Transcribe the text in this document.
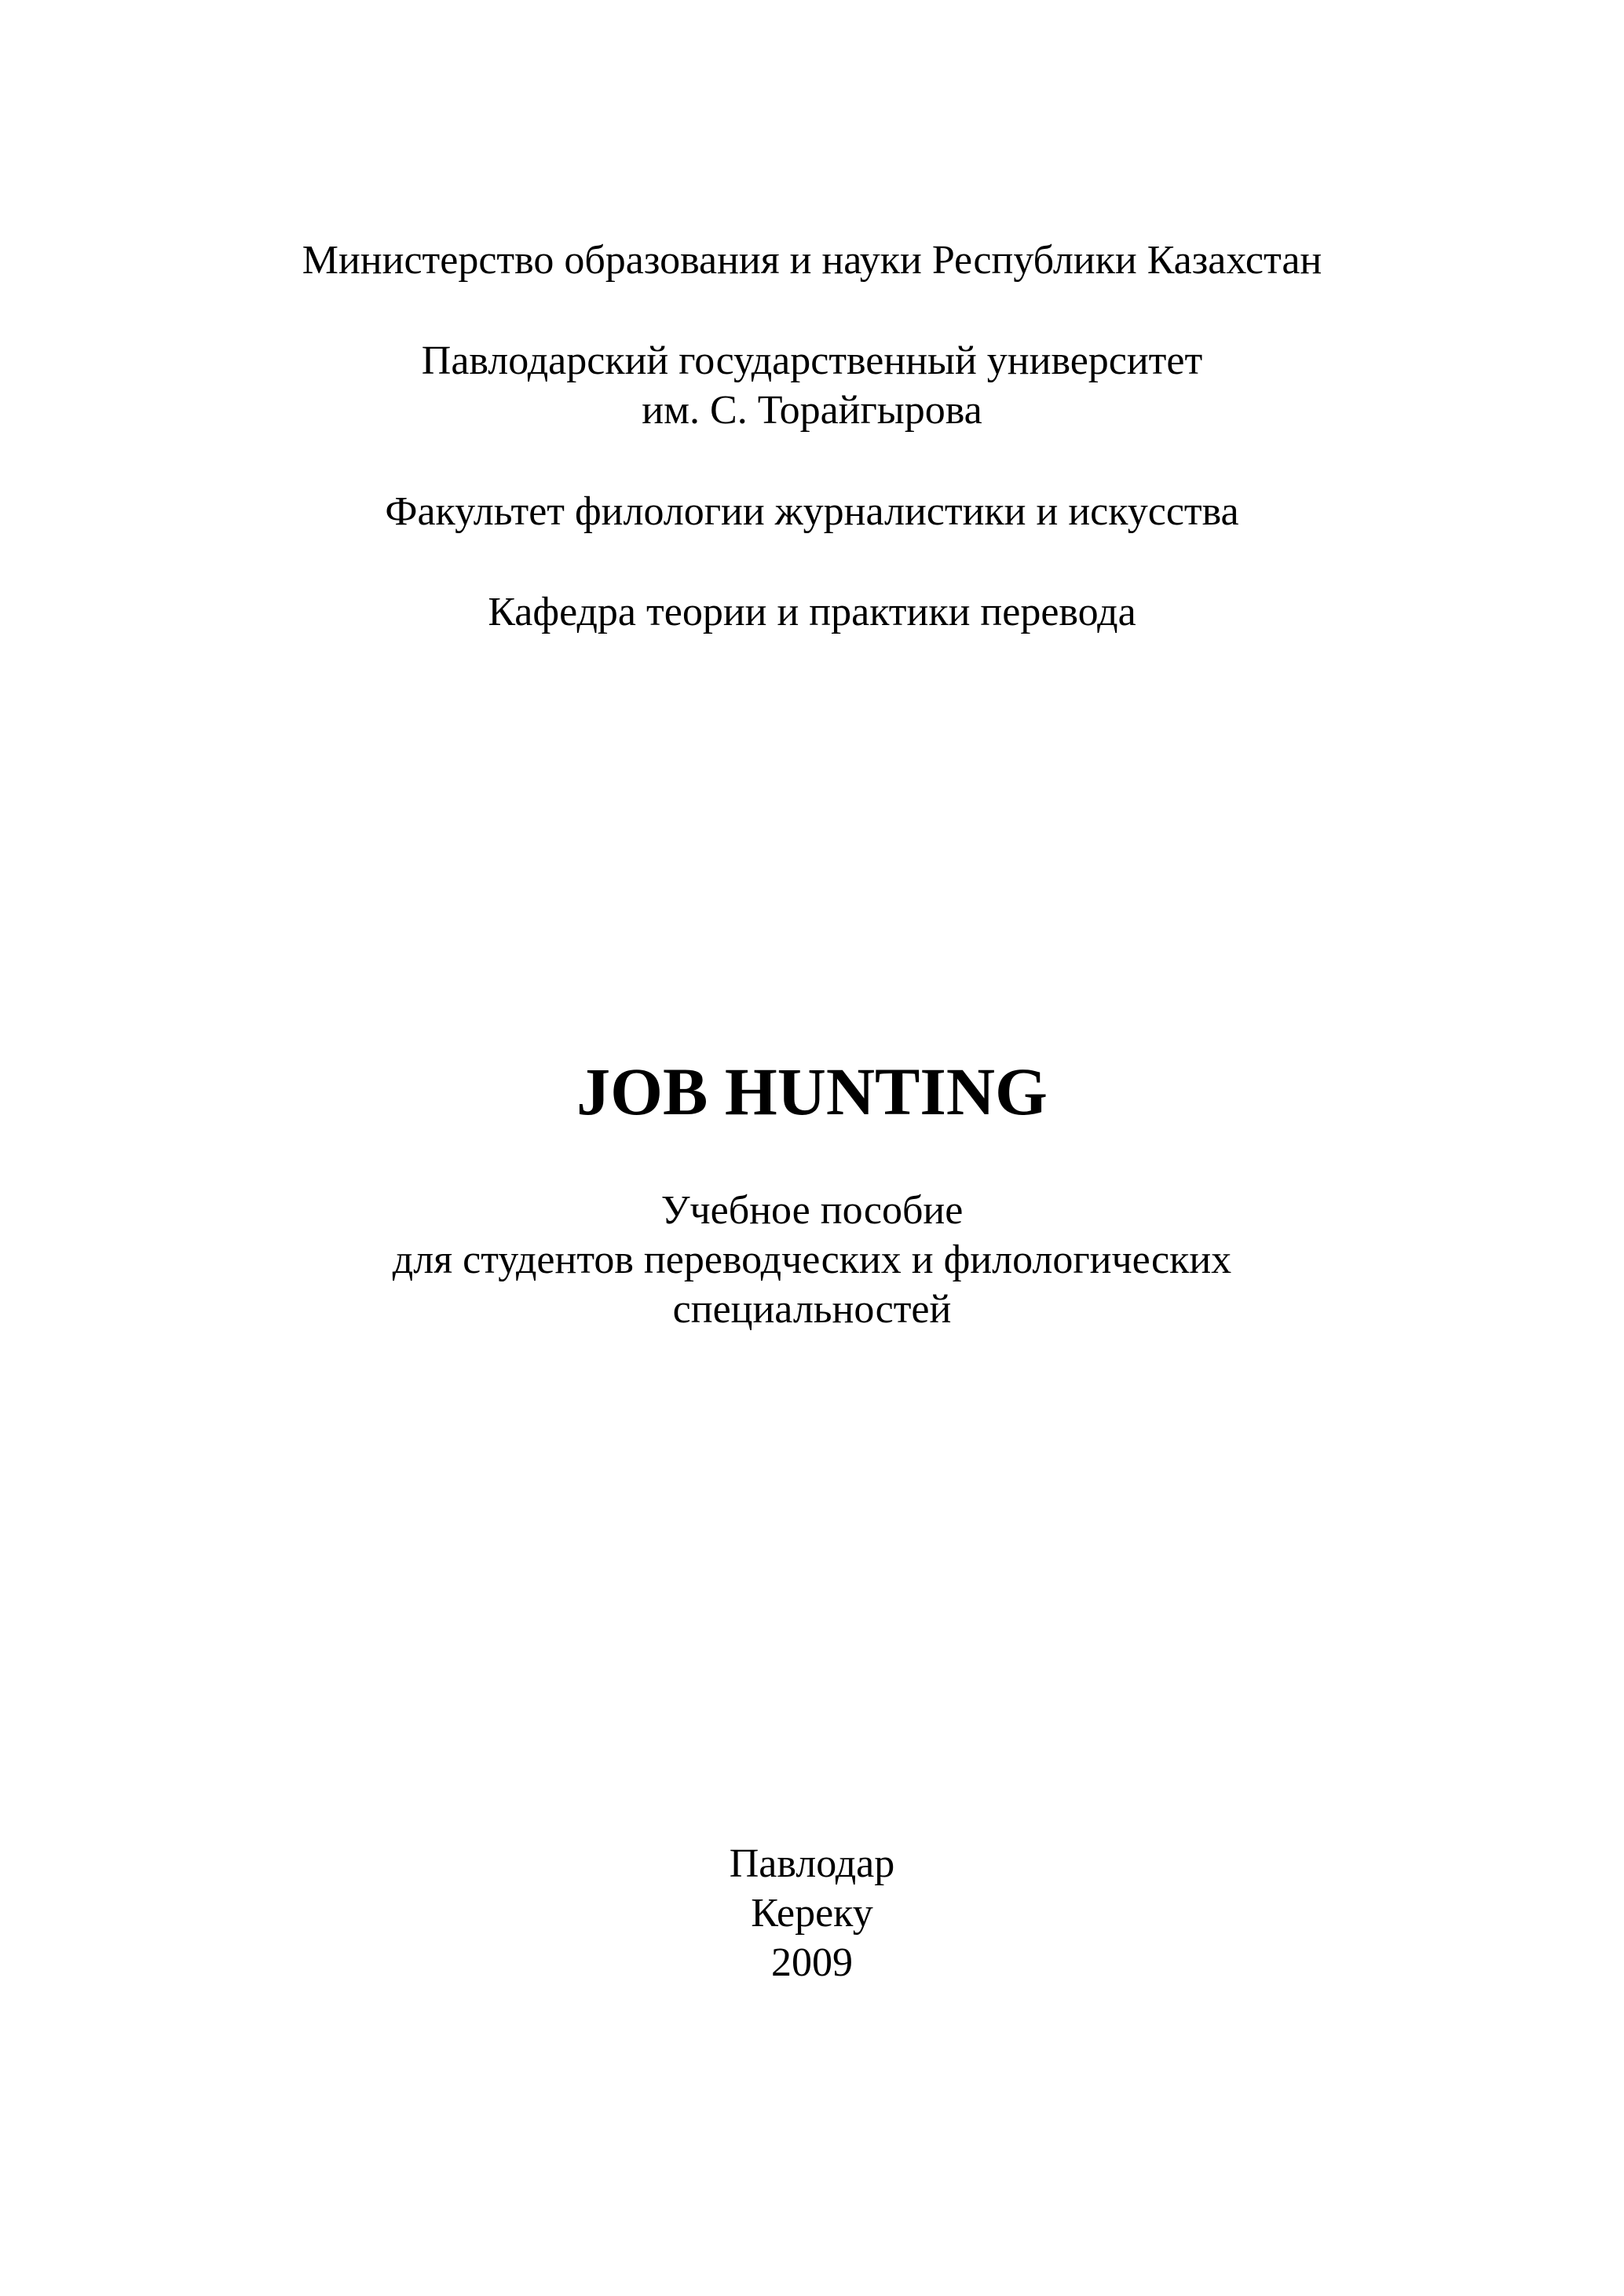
Министерство образования и науки Республики Казахстан
Павлодарский государственный университет
им. С. Торайгырова
Факультет филологии журналистики и искусства
Кафедра теории и практики перевода
JOB HUNTING
Учебное пособие
для студентов переводческих и филологических
специальностей
Павлодар
Кереку
2009
